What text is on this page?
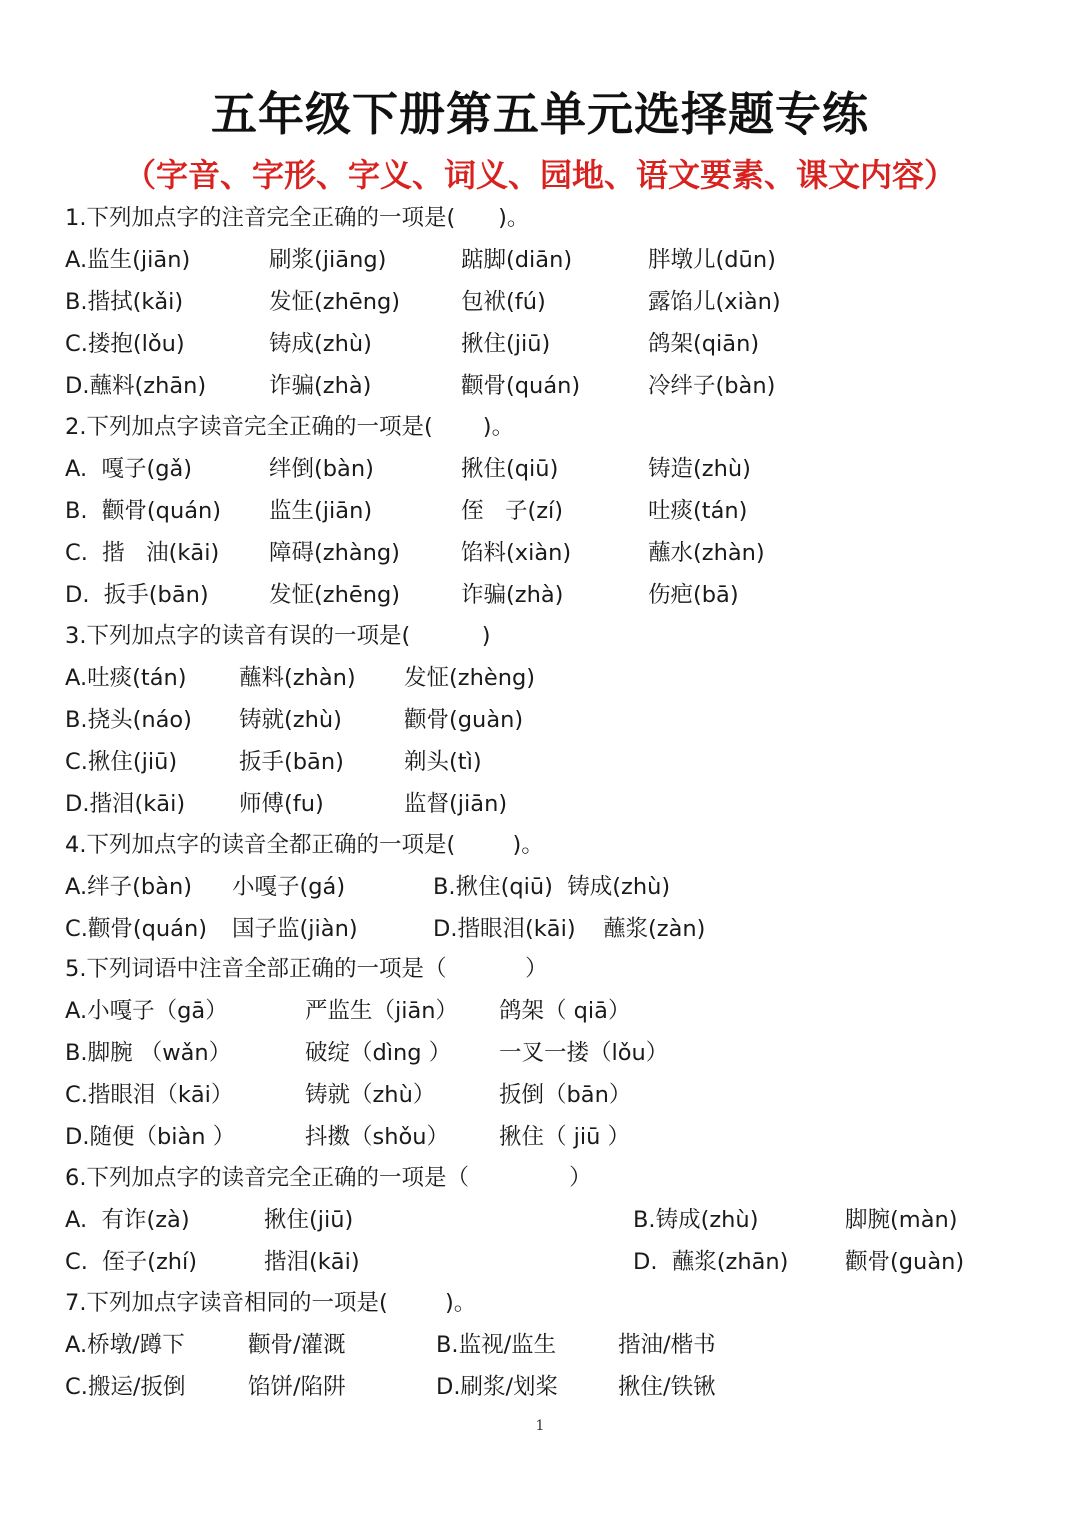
五年级下册第五单元选择题专练
（字音、字形、字义、词义、园地、语文要素、课文内容）
1.下列加点字的注音完全正确的一项是(      )。
A.监生(jiān)	刷浆(jiāng)	踮脚(diān)	胖墩儿(dūn)
B.揩拭(kǎi)	发怔(zhēng)	包袱(fú)	露馅儿(xiàn)
C.搂抱(lǒu)	铸成(zhù)	揪住(jiū)	鸽架(qiān)
D.蘸料(zhān)	诈骗(zhà)	颧骨(quán)	冷绊子(bàn)
2.下列加点字读音完全正确的一项是(       )。
A.  嘎子(gǎ)	绊倒(bàn)	揪住(qiū)	铸造(zhù)
B.  颧骨(quán) 监生(jiān)	侄   子(zí)	吐痰(tán)
C.  揩   油(kāi) 障碍(zhàng)	馅料(xiàn)	蘸水(zhàn)
D.  扳手(bān)	发怔(zhēng)	诈骗(zhà)	伤疤(bā)
3.下列加点字的读音有误的一项是(          )
A.吐痰(tán) 蘸料(zhàn) 发怔(zhèng)
B.挠头(náo) 铸就(zhù)	颧骨(guàn)
C.揪住(jiū)	扳手(bān)	剃头(tì)
D.揩泪(kāi) 师傅(fu)	监督(jiān)
4.下列加点字的读音全都正确的一项是(        )。
A.绊子(bàn) 小嘎子(gá)	B.揪住(qiū)  铸成(zhù)
C.颧骨(quán) 国子监(jiàn)	D.揩眼泪(kāi) 蘸浆(zàn)
5.下列词语中注音全部正确的一项是（           ）
A.小嘎子（gā）	严监生（jiān） 鸽架（ qiā）
B.脚腕 （wǎn）	破绽（dìng ） 一叉一搂（lǒu）
C.揩眼泪（kāi）	铸就（zhù）	扳倒（bān）
D.随便（biàn ）	抖擞（shǒu） 揪住（ jiū ）
6.下列加点字的读音完全正确的一项是（              ）
A.  有诈(zà)	揪住(jiū)	B.铸成(zhù)	脚腕(màn)
C.  侄子(zhí)	揩泪(kāi)	D.  蘸浆(zhān)	颧骨(guàn)
7.下列加点字读音相同的一项是(        )。
A.桥墩/蹲下	颧骨/灌溉	B.监视/监生	揩油/楷书
C.搬运/扳倒	馅饼/陷阱	D.刷浆/划桨	揪住/铁锹
1
